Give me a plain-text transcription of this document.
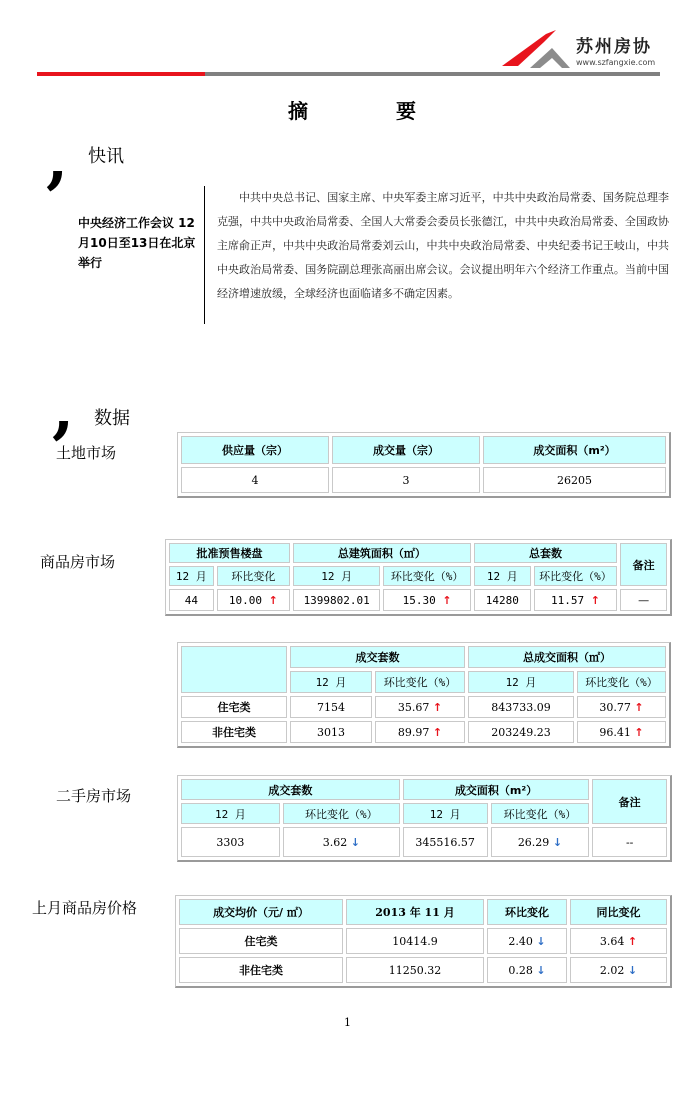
苏州房协
www.szfangxie.com
摘	要
, 快讯
中央经济工作会议 12月10日至13日在北京举行
中共中央总书记、国家主席、中央军委主席习近平，中共中央政治局常委、国务院总理李克强，中共中央政治局常委、全国人大常委会委员长张德江，中共中央政治局常委、全国政协主席俞正声，中共中央政治局常委刘云山，中共中央政治局常委、中央纪委书记王岐山，中共中央政治局常委、国务院副总理张高丽出席会议。会议提出明年六个经济工作重点。当前中国经济增速放缓，全球经济也面临诸多不确定因素。
, 数据
土地市场	供应量（宗）	成交量（宗）	成交面积（m²）
4	3	26205
商品房市场	批准预售楼盘		总建筑面积（㎡）		总套数		备注
12 月	环比变化	12 月	环比变化（%）	12 月	环比变化（%）	
44	10.00 ↑	1399802.01	15.30 ↑	14280	11.57 ↑	—
	成交套数		总成交面积（㎡）	
	12 月	环比变化（%）	12 月	环比变化（%）
住宅类	7154	35.67 ↑	843733.09	30.77 ↑
非住宅类	3013	89.97 ↑	203249.23	96.41 ↑
二手房市场	成交套数		成交面积（m²）		备注
12 月	环比变化（%）	12 月	环比变化（%）	
3303	3.62 ↓	345516.57	26.29 ↓	--
上月商品房价格	成交均价（元/ ㎡）	2013 年 11 月	环比变化	同比变化
住宅类	10414.9	2.40 ↓	3.64 ↑
非住宅类	11250.32	0.28 ↓	2.02 ↓
1
